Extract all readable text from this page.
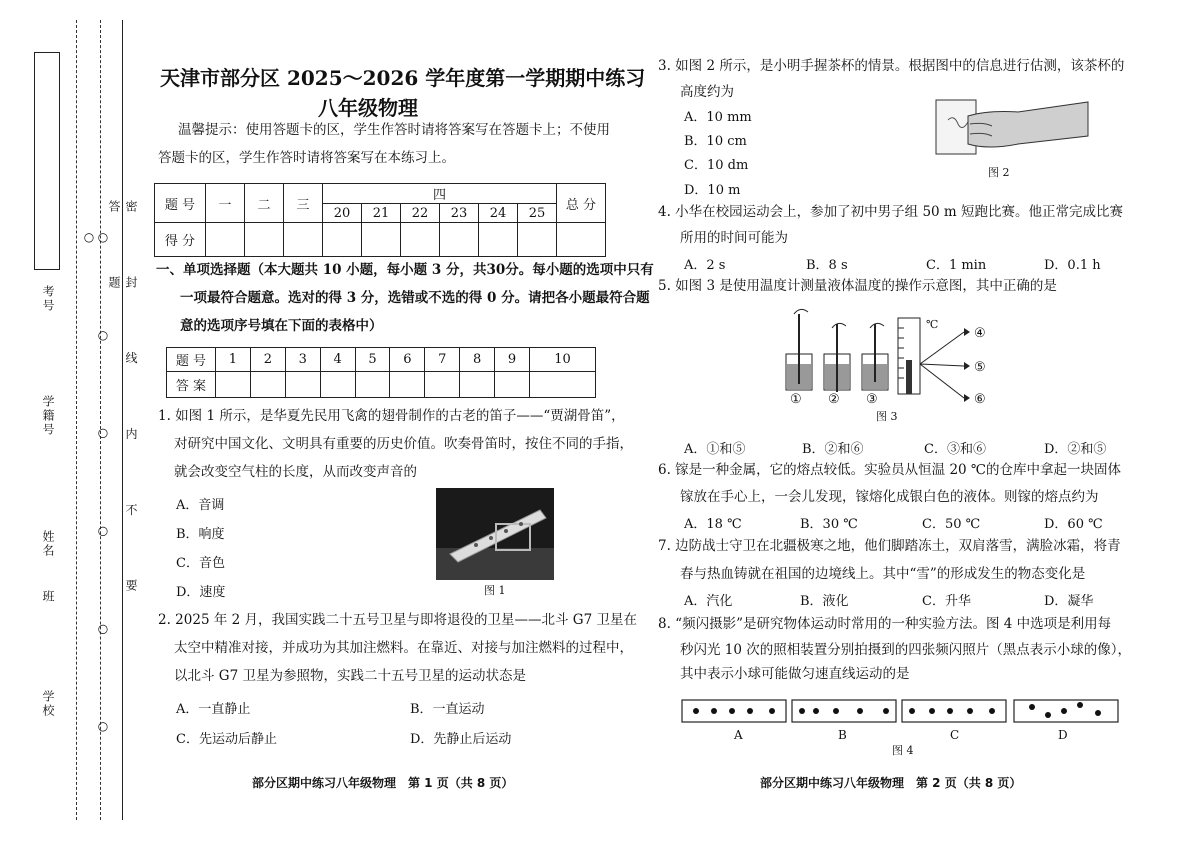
密 封 线 内 不 要 答 题
○ ○ ○ ○ ○ ○ ○
学校
班
姓名
学籍号
考号
天津市部分区 2025～2026 学年度第一学期期中练习
八年级物理
温馨提示：使用答题卡的区，学生作答时请将答案写在答题卡上；不使用
答题卡的区，学生作答时请将答案写在本练习上。
题 号	一	二	三	四						总 分
				20	21	22	23	24	25	
得 分										
一、单项选择题（本大题共 10 小题，每小题 3 分，共30分。每小题的选项中只有
一项最符合题意。选对的得 3 分，选错或不选的得 0 分。请把各小题最符合题
意的选项序号填在下面的表格中）
题 号	1	2	3	4	5	6	7	8	9	10
答 案										
1. 如图 1 所示，是华夏先民用飞禽的翅骨制作的古老的笛子——“贾湖骨笛”，
对研究中国文化、文明具有重要的历史价值。吹奏骨笛时，按住不同的手指，
就会改变空气柱的长度，从而改变声音的
A．音调
B．响度
C．音色
D．速度	图 1
2. 2025 年 2 月，我国实践二十五号卫星与即将退役的卫星——北斗 G7 卫星在
太空中精准对接，并成功为其加注燃料。在靠近、对接与加注燃料的过程中，
以北斗 G7 卫星为参照物，实践二十五号卫星的运动状态是
A．一直静止	B．一直运动
C．先运动后静止	D．先静止后运动
部分区期中练习八年级物理　第 1 页（共 8 页）
3. 如图 2 所示，是小明手握茶杯的情景。根据图中的信息进行估测，该茶杯的
高度约为
A．10 mm
B．10 cm
C．10 dm
D．10 m
图 2
4. 小华在校园运动会上，参加了初中男子组 50 m 短跑比赛。他正常完成比赛
所用的时间可能为
A．2 s	B．8 s	C．1 min	D．0.1 h
5. 如图 3 是使用温度计测量液体温度的操作示意图，其中正确的是
① ② ③
④
⑤
⑥
℃
图 3
A．①和⑤	B．②和⑥	C．③和⑥	D．②和⑤
6. 镓是一种金属，它的熔点较低。实验员从恒温 20 ℃的仓库中拿起一块固体
镓放在手心上，一会儿发现，镓熔化成银白色的液体。则镓的熔点约为
A．18 ℃	B．30 ℃	C．50 ℃	D．60 ℃
7. 边防战士守卫在北疆极寒之地，他们脚踏冻土，双肩落雪，满脸冰霜，将青
春与热血铸就在祖国的边境线上。其中“雪”的形成发生的物态变化是
A．汽化	B．液化	C．升华	D．凝华
8. “频闪摄影”是研究物体运动时常用的一种实验方法。图 4 中选项是利用每
秒闪光 10 次的照相装置分别拍摄到的四张频闪照片（黑点表示小球的像），
其中表示小球可能做匀速直线运动的是
A	B	C	D
图 4
部分区期中练习八年级物理　第 2 页（共 8 页）
